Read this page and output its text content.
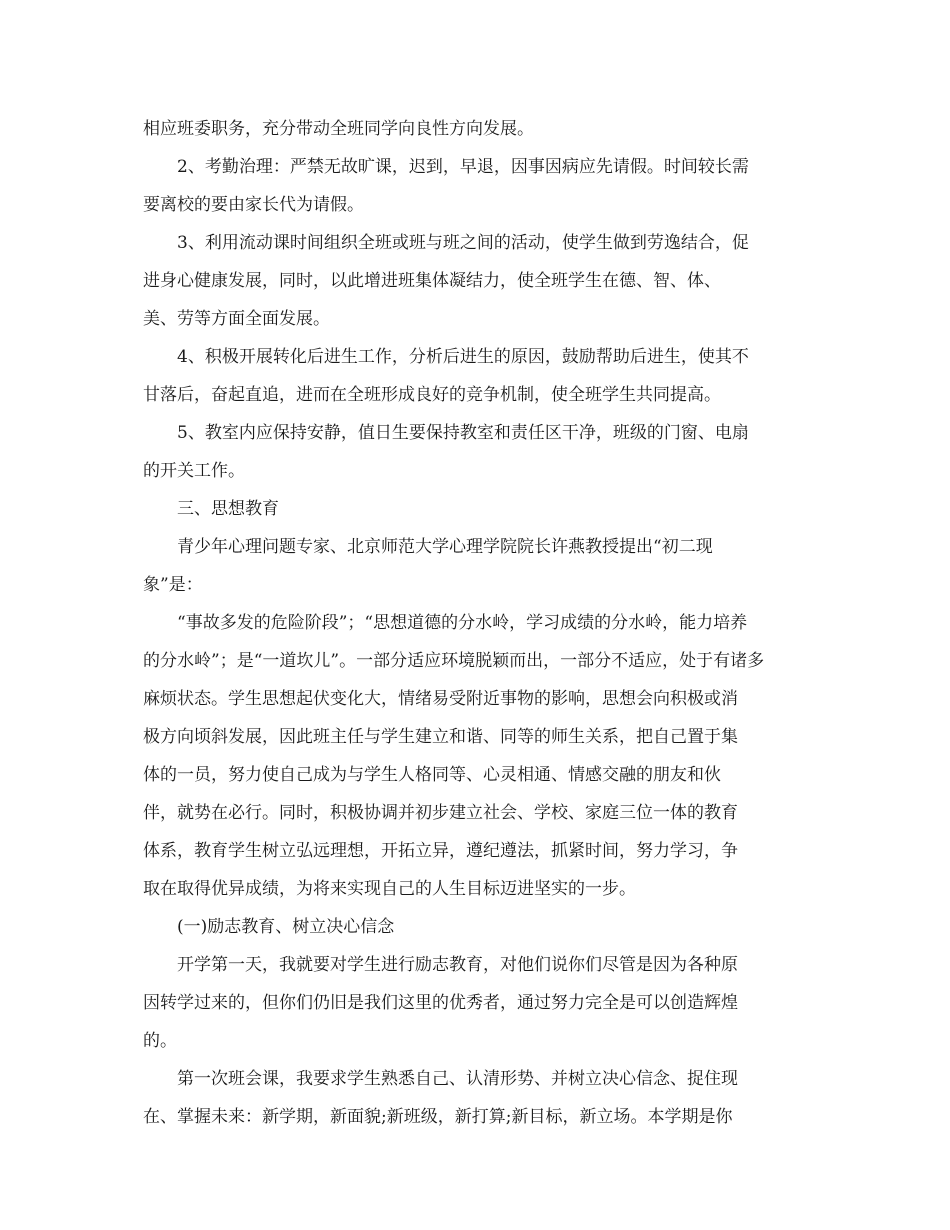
相应班委职务，充分带动全班同学向良性方向发展。
2、考勤治理：严禁无故旷课，迟到，早退，因事因病应先请假。时间较长需
要离校的要由家长代为请假。
3、利用流动课时间组织全班或班与班之间的活动，使学生做到劳逸结合，促
进身心健康发展，同时，以此增进班集体凝结力，使全班学生在德、智、体、
美、劳等方面全面发展。
4、积极开展转化后进生工作，分析后进生的原因，鼓励帮助后进生，使其不
甘落后，奋起直追，进而在全班形成良好的竞争机制，使全班学生共同提高。
5、教室内应保持安静，值日生要保持教室和责任区干净，班级的门窗、电扇
的开关工作。
三、思想教育
青少年心理问题专家、北京师范大学心理学院院长许燕教授提出“初二现
象”是：
“事故多发的危险阶段”；“思想道德的分水岭，学习成绩的分水岭，能力培养
的分水岭”；是“一道坎儿”。一部分适应环境脱颖而出，一部分不适应，处于有诸多
麻烦状态。学生思想起伏变化大，情绪易受附近事物的影响，思想会向积极或消
极方向顷斜发展，因此班主任与学生建立和谐、同等的师生关系，把自己置于集
体的一员，努力使自己成为与学生人格同等、心灵相通、情感交融的朋友和伙
伴，就势在必行。同时，积极协调并初步建立社会、学校、家庭三位一体的教育
体系，教育学生树立弘远理想，开拓立异，遵纪遵法，抓紧时间，努力学习，争
取在取得优异成绩，为将来实现自己的人生目标迈进坚实的一步。
(一)励志教育、树立决心信念
开学第一天，我就要对学生进行励志教育，对他们说你们尽管是因为各种原
因转学过来的，但你们仍旧是我们这里的优秀者，通过努力完全是可以创造辉煌
的。
第一次班会课，我要求学生熟悉自己、认清形势、并树立决心信念、捉住现
在、掌握未来：新学期，新面貌;新班级，新打算;新目标，新立场。本学期是你
